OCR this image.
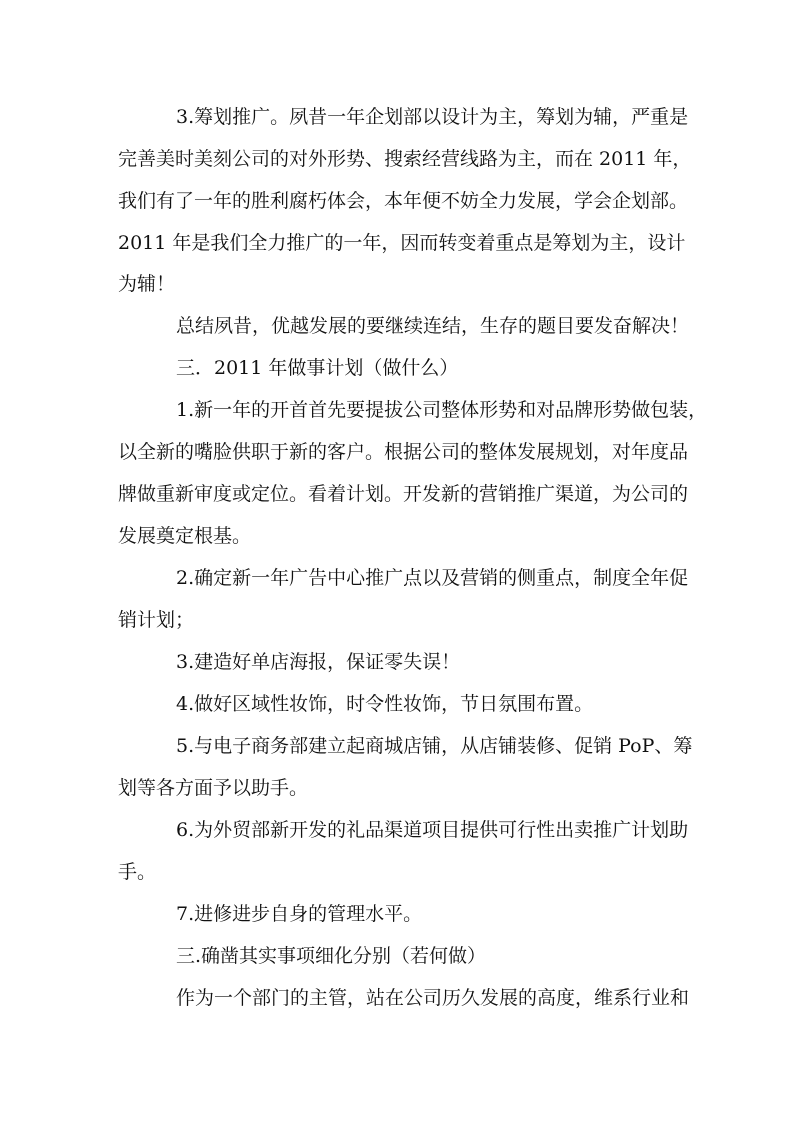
3.筹划推广。夙昔一年企划部以设计为主，筹划为辅，严重是
完善美时美刻公司的对外形势、搜索经营线路为主，而在 2011 年，
我们有了一年的胜利腐朽体会，本年便不妨全力发展，学会企划部。
2011 年是我们全力推广的一年，因而转变着重点是筹划为主，设计
为辅！
总结夙昔，优越发展的要继续连结，生存的题目要发奋解决！
三．2011 年做事计划（做什么）
1.新一年的开首首先要提拔公司整体形势和对品牌形势做包装，
以全新的嘴脸供职于新的客户。根据公司的整体发展规划，对年度品
牌做重新审度或定位。看着计划。开发新的营销推广渠道，为公司的
发展奠定根基。
2.确定新一年广告中心推广点以及营销的侧重点，制度全年促
销计划；
3.建造好单店海报，保证零失误！
4.做好区域性妆饰，时令性妆饰，节日氛围布置。
5.与电子商务部建立起商城店铺，从店铺装修、促销 PoP、筹
划等各方面予以助手。
6.为外贸部新开发的礼品渠道项目提供可行性出卖推广计划助
手。
7.进修进步自身的管理水平。
三.确凿其实事项细化分别（若何做）
作为一个部门的主管，站在公司历久发展的高度，维系行业和
